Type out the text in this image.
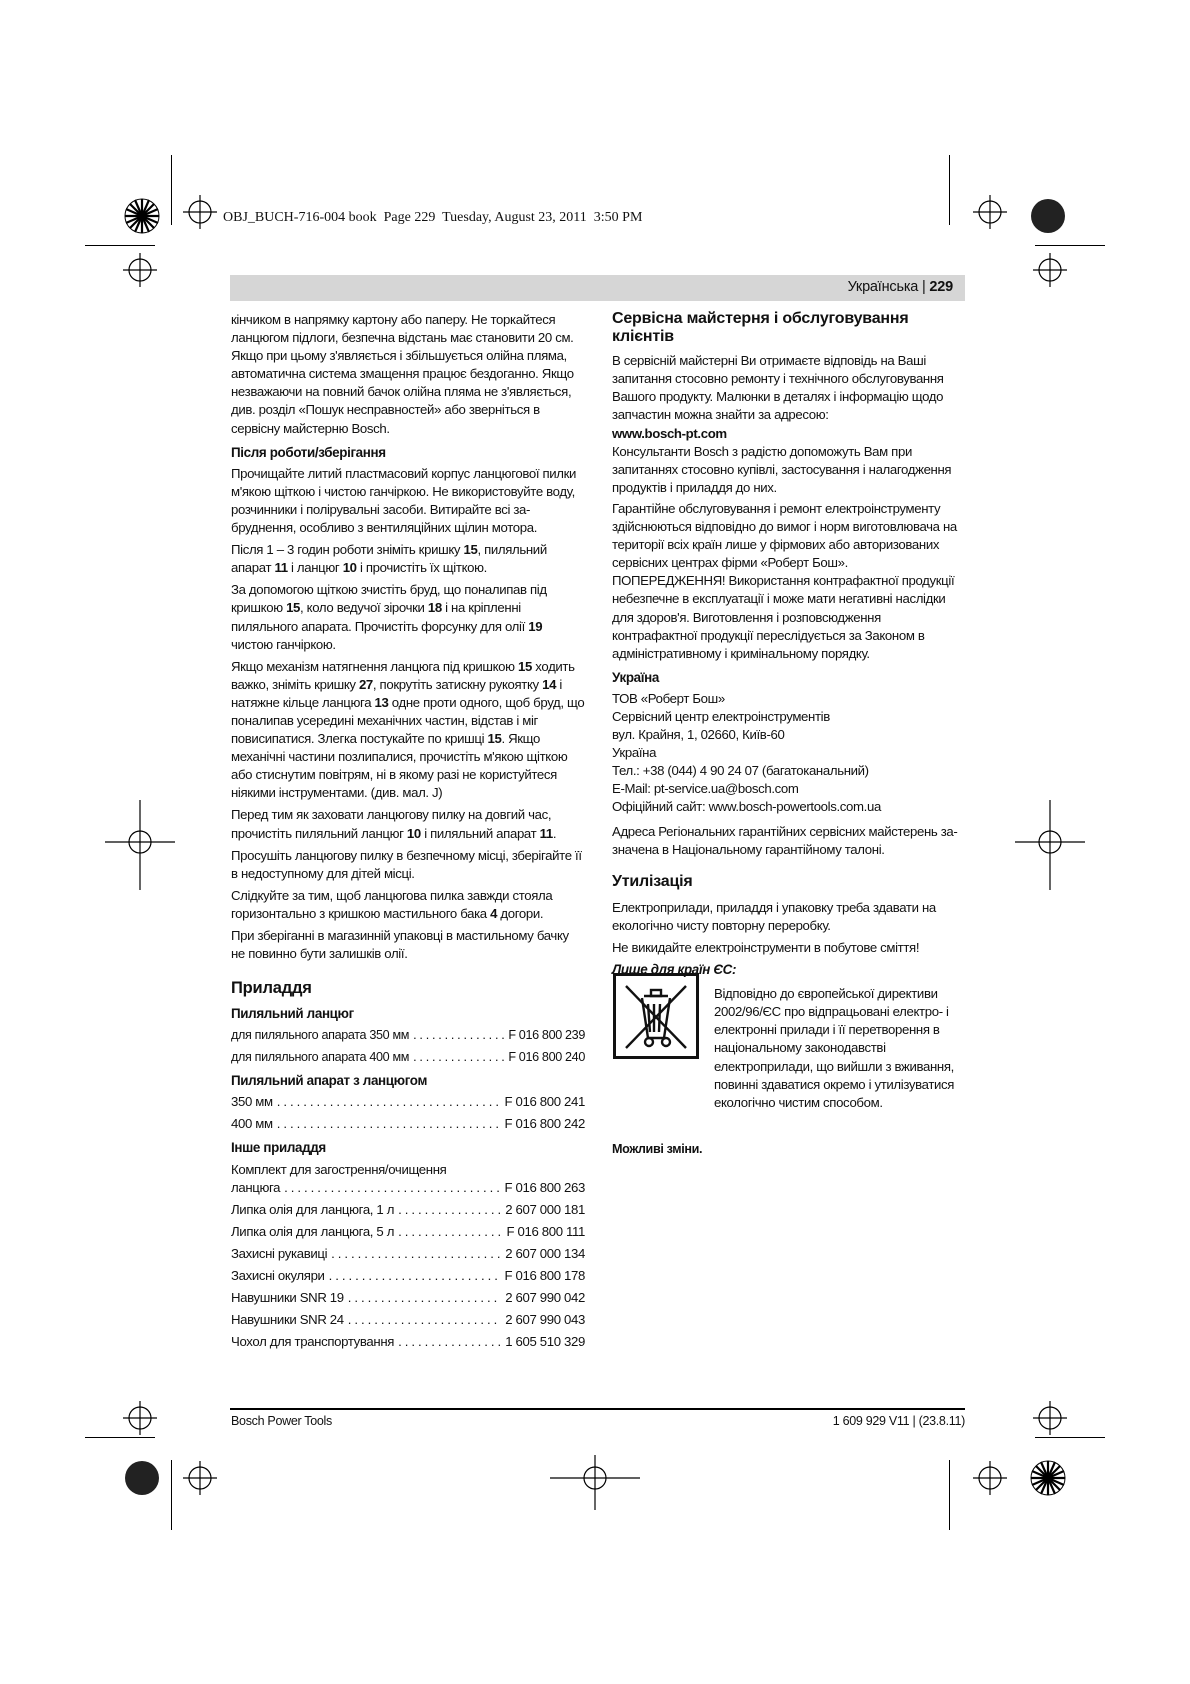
OBJ_BUCH-716-004 book Page 229 Tuesday, August 23, 2011 3:50 PM
Українська | 229

кінчиком в напрямку картону або паперу. Не торкайтеся ланцюгом підлоги, безпечна відстань має становити 20 см. Якщо при цьому з'являється і збільшується олійна пляма, автоматична система змащення працює бездоганно. Якщо незважаючи на повний бачок олійна пляма не з'являється, див. розділ «Пошук несправностей» або зверніться в сервісну майстерню Bosch.

Після роботи/зберігання

Прочищайте литий пластмасовий корпус ланцюгової пилки м'якою щіткою і чистою ганчіркою. Не використовуйте воду, розчинники і полірувальні засоби. Витирайте всі за-бруднення, особливо з вентиляційних щілин мотора.

Після 1 – 3 годин роботи зніміть кришку 15, пиляльний апарат 11 і ланцюг 10 і прочистіть їх щіткою.

За допомогою щіткою зчистіть бруд, що поналипав під кришкою 15, коло ведучої зірочки 18 і на кріпленні пиляльного апарата. Прочистіть форсунку для олії 19 чистою ганчіркою.

Якщо механізм натягнення ланцюга під кришкою 15 ходить важко, зніміть кришку 27, покрутіть затискну рукоятку 14 і натяжне кільце ланцюга 13 одне проти одного, щоб бруд, що поналипав усередині механічних частин, відстав і міг повисипатися. Злегка постукайте по кришці 15. Якщо механічні частини позлипалися, прочистіть м'якою щіткою або стиснутим повітрям, ні в якому разі не користуйтеся ніякими інструментами. (див. мал. J)

Перед тим як заховати ланцюгову пилку на довгий час, прочистіть пиляльний ланцюг 10 і пиляльний апарат 11.

Просушіть ланцюгову пилку в безпечному місці, зберігайте її в недоступному для дітей місці.

Слідкуйте за тим, щоб ланцюгова пилка завжди стояла горизонтально з кришкою мастильного бака 4 догори.

При зберіганні в магазинній упаковці в мастильному бачку не повинно бути залишків олії.

Приладдя
Пиляльний ланцюг
для пиляльного апарата 350 мм . . .	F 016 800 239
для пиляльного апарата 400 мм . . .	F 016 800 240
Пиляльний апарат з ланцюгом
350 мм . . .	F 016 800 241
400 мм . . .	F 016 800 242
Інше приладдя
Комплект для загострення/очищення
ланцюга . . .	F 016 800 263
Липка олія для ланцюга, 1 л . . .	2 607 000 181
Липка олія для ланцюга, 5 л . . .	F 016 800 111
Захисні рукавиці . . .	2 607 000 134
Захисні окуляри . . .	F 016 800 178
Навушники SNR 19 . . .	2 607 990 042
Навушники SNR 24 . . .	2 607 990 043
Чохол для транспортування . . .	1 605 510 329
Сервісна майстерня і обслуговування клієнтів

В сервісній майстерні Ви отримаєте відповідь на Ваші запитання стосовно ремонту і технічного обслуговування Вашого продукту. Малюнки в деталях і інформацію щодо запчастин можна знайти за адресою:

www.bosch-pt.com

Консультанти Bosch з радістю допоможуть Вам при запитаннях стосовно купівлі, застосування і налагодження продуктів і приладдя до них.

Гарантійне обслуговування і ремонт електроінструменту здійснюються відповідно до вимог і норм виготовлювача на території всіх країн лише у фірмових або авторизованих сервісних центрах фірми «Роберт Бош».

ПОПЕРЕДЖЕННЯ! Використання контрафактної продукції небезпечне в експлуатації і може мати негативні наслідки для здоров'я. Виготовлення і розповсюдження контрафактної продукції переслідується за Законом в адміністративному і кримінальному порядку.

Україна
ТОВ «Роберт Бош»
Сервісний центр електроінструментів
вул. Крайня, 1, 02660, Київ-60
Україна
Тел.: +38 (044) 4 90 24 07 (багатоканальний)
E-Mail: pt-service.ua@bosch.com
Офіційний сайт: www.bosch-powertools.com.ua

Адреса Регіональних гарантійних сервісних майстерень за-значена в Національному гарантійному талоні.

Утилізація

Електроприлади, приладдя і упаковку треба здавати на екологічно чисту повторну переробку.

Не викидайте електроінструменти в побутове сміття!

Лише для країн ЄС:

Відповідно до європейської директиви 2002/96/ЄС про відпрацьовані електро- і електронні прилади і її перетворення в національному законодавстві електроприлади, що вийшли з вживання, повинні здаватися окремо і утилізуватися екологічно чистим способом.

Можливі зміни.

Bosch Power Tools	1 609 929 V11 | (23.8.11)
